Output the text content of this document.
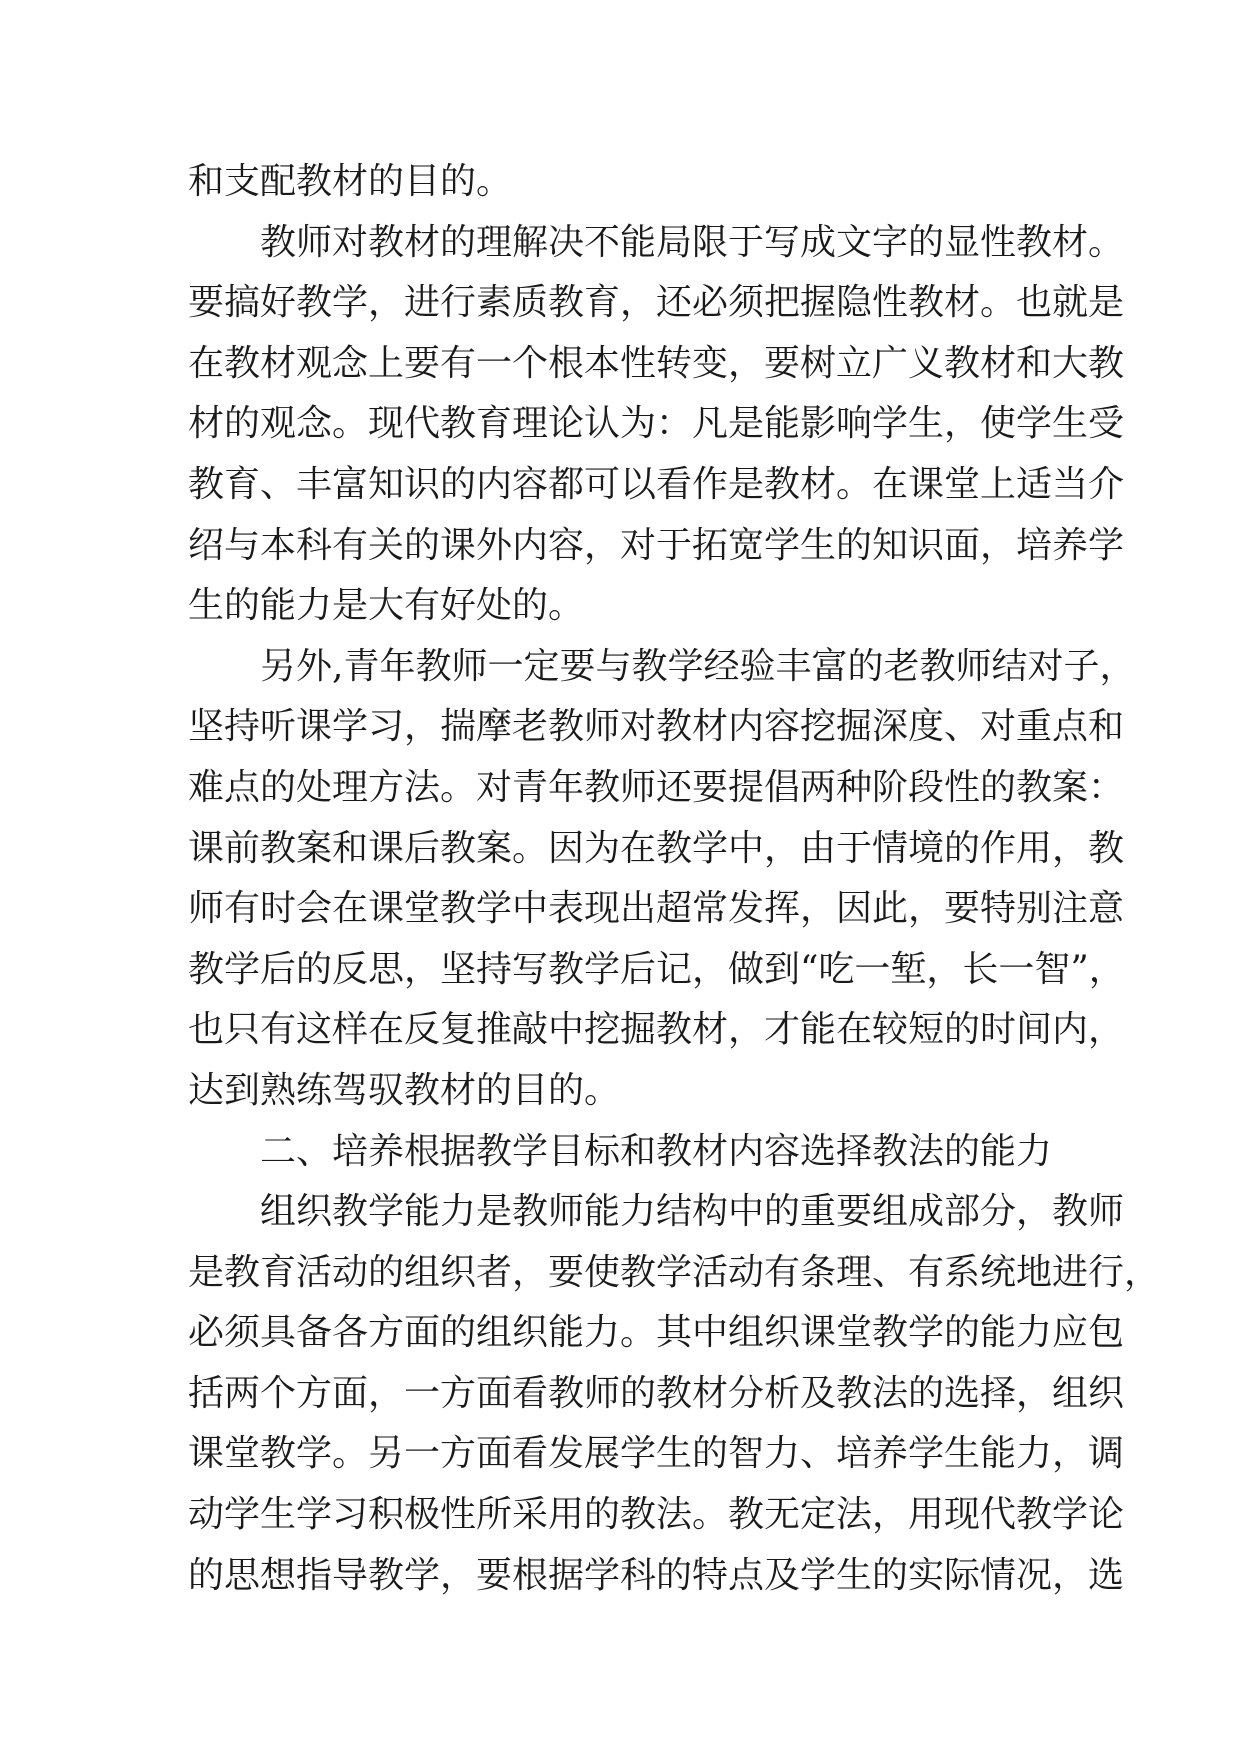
和支配教材的目的。
教师对教材的理解决不能局限于写成文字的显性教材。
要搞好教学，进行素质教育，还必须把握隐性教材。也就是
在教材观念上要有一个根本性转变，要树立广义教材和大教
材的观念。现代教育理论认为：凡是能影响学生，使学生受
教育、丰富知识的内容都可以看作是教材。在课堂上适当介
绍与本科有关的课外内容，对于拓宽学生的知识面，培养学
生的能力是大有好处的。
另外,青年教师一定要与教学经验丰富的老教师结对子，
坚持听课学习，揣摩老教师对教材内容挖掘深度、对重点和
难点的处理方法。对青年教师还要提倡两种阶段性的教案：
课前教案和课后教案。因为在教学中，由于情境的作用，教
师有时会在课堂教学中表现出超常发挥，因此，要特别注意
教学后的反思，坚持写教学后记，做到“吃一堑，长一智”，
也只有这样在反复推敲中挖掘教材，才能在较短的时间内，
达到熟练驾驭教材的目的。
二、培养根据教学目标和教材内容选择教法的能力
组织教学能力是教师能力结构中的重要组成部分，教师
是教育活动的组织者，要使教学活动有条理、有系统地进行，
必须具备各方面的组织能力。其中组织课堂教学的能力应包
括两个方面，一方面看教师的教材分析及教法的选择，组织
课堂教学。另一方面看发展学生的智力、培养学生能力，调
动学生学习积极性所采用的教法。教无定法，用现代教学论
的思想指导教学，要根据学科的特点及学生的实际情况，选
